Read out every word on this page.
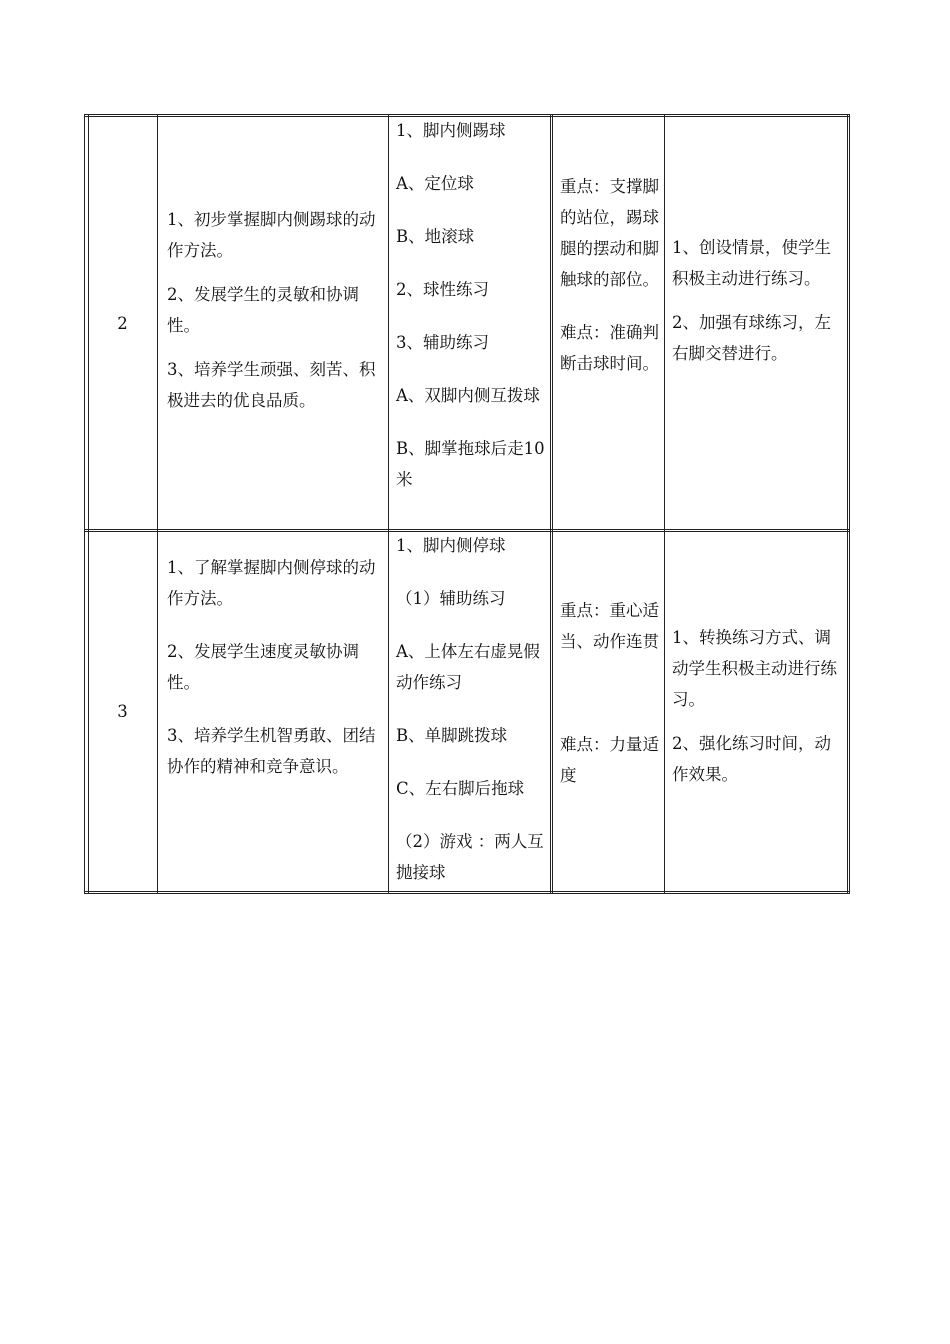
2

1、初步掌握脚内侧踢球的动作方法。

2、发展学生的灵敏和协调性。

3、培养学生顽强、刻苦、积极进去的优良品质。

1、脚内侧踢球

A、定位球

B、地滚球

2、球性练习

3、辅助练习

A、双脚内侧互拨球

B、脚掌拖球后走10米

重点：支撑脚的站位，踢球腿的摆动和脚触球的部位。

难点：准确判断击球时间。

1、创设情景，使学生积极主动进行练习。

2、加强有球练习，左右脚交替进行。

3

1、了解掌握脚内侧停球的动作方法。

2、发展学生速度灵敏协调性。

3、培养学生机智勇敢、团结协作的精神和竞争意识。

1、脚内侧停球

（1）辅助练习

A、上体左右虚晃假动作练习

B、单脚跳拨球

C、左右脚后拖球

（2）游戏 ：两人互抛接球

重点：重心适当、动作连贯

难点：力量适度

1、转换练习方式、调动学生积极主动进行练习。

2、强化练习时间，动作效果。
